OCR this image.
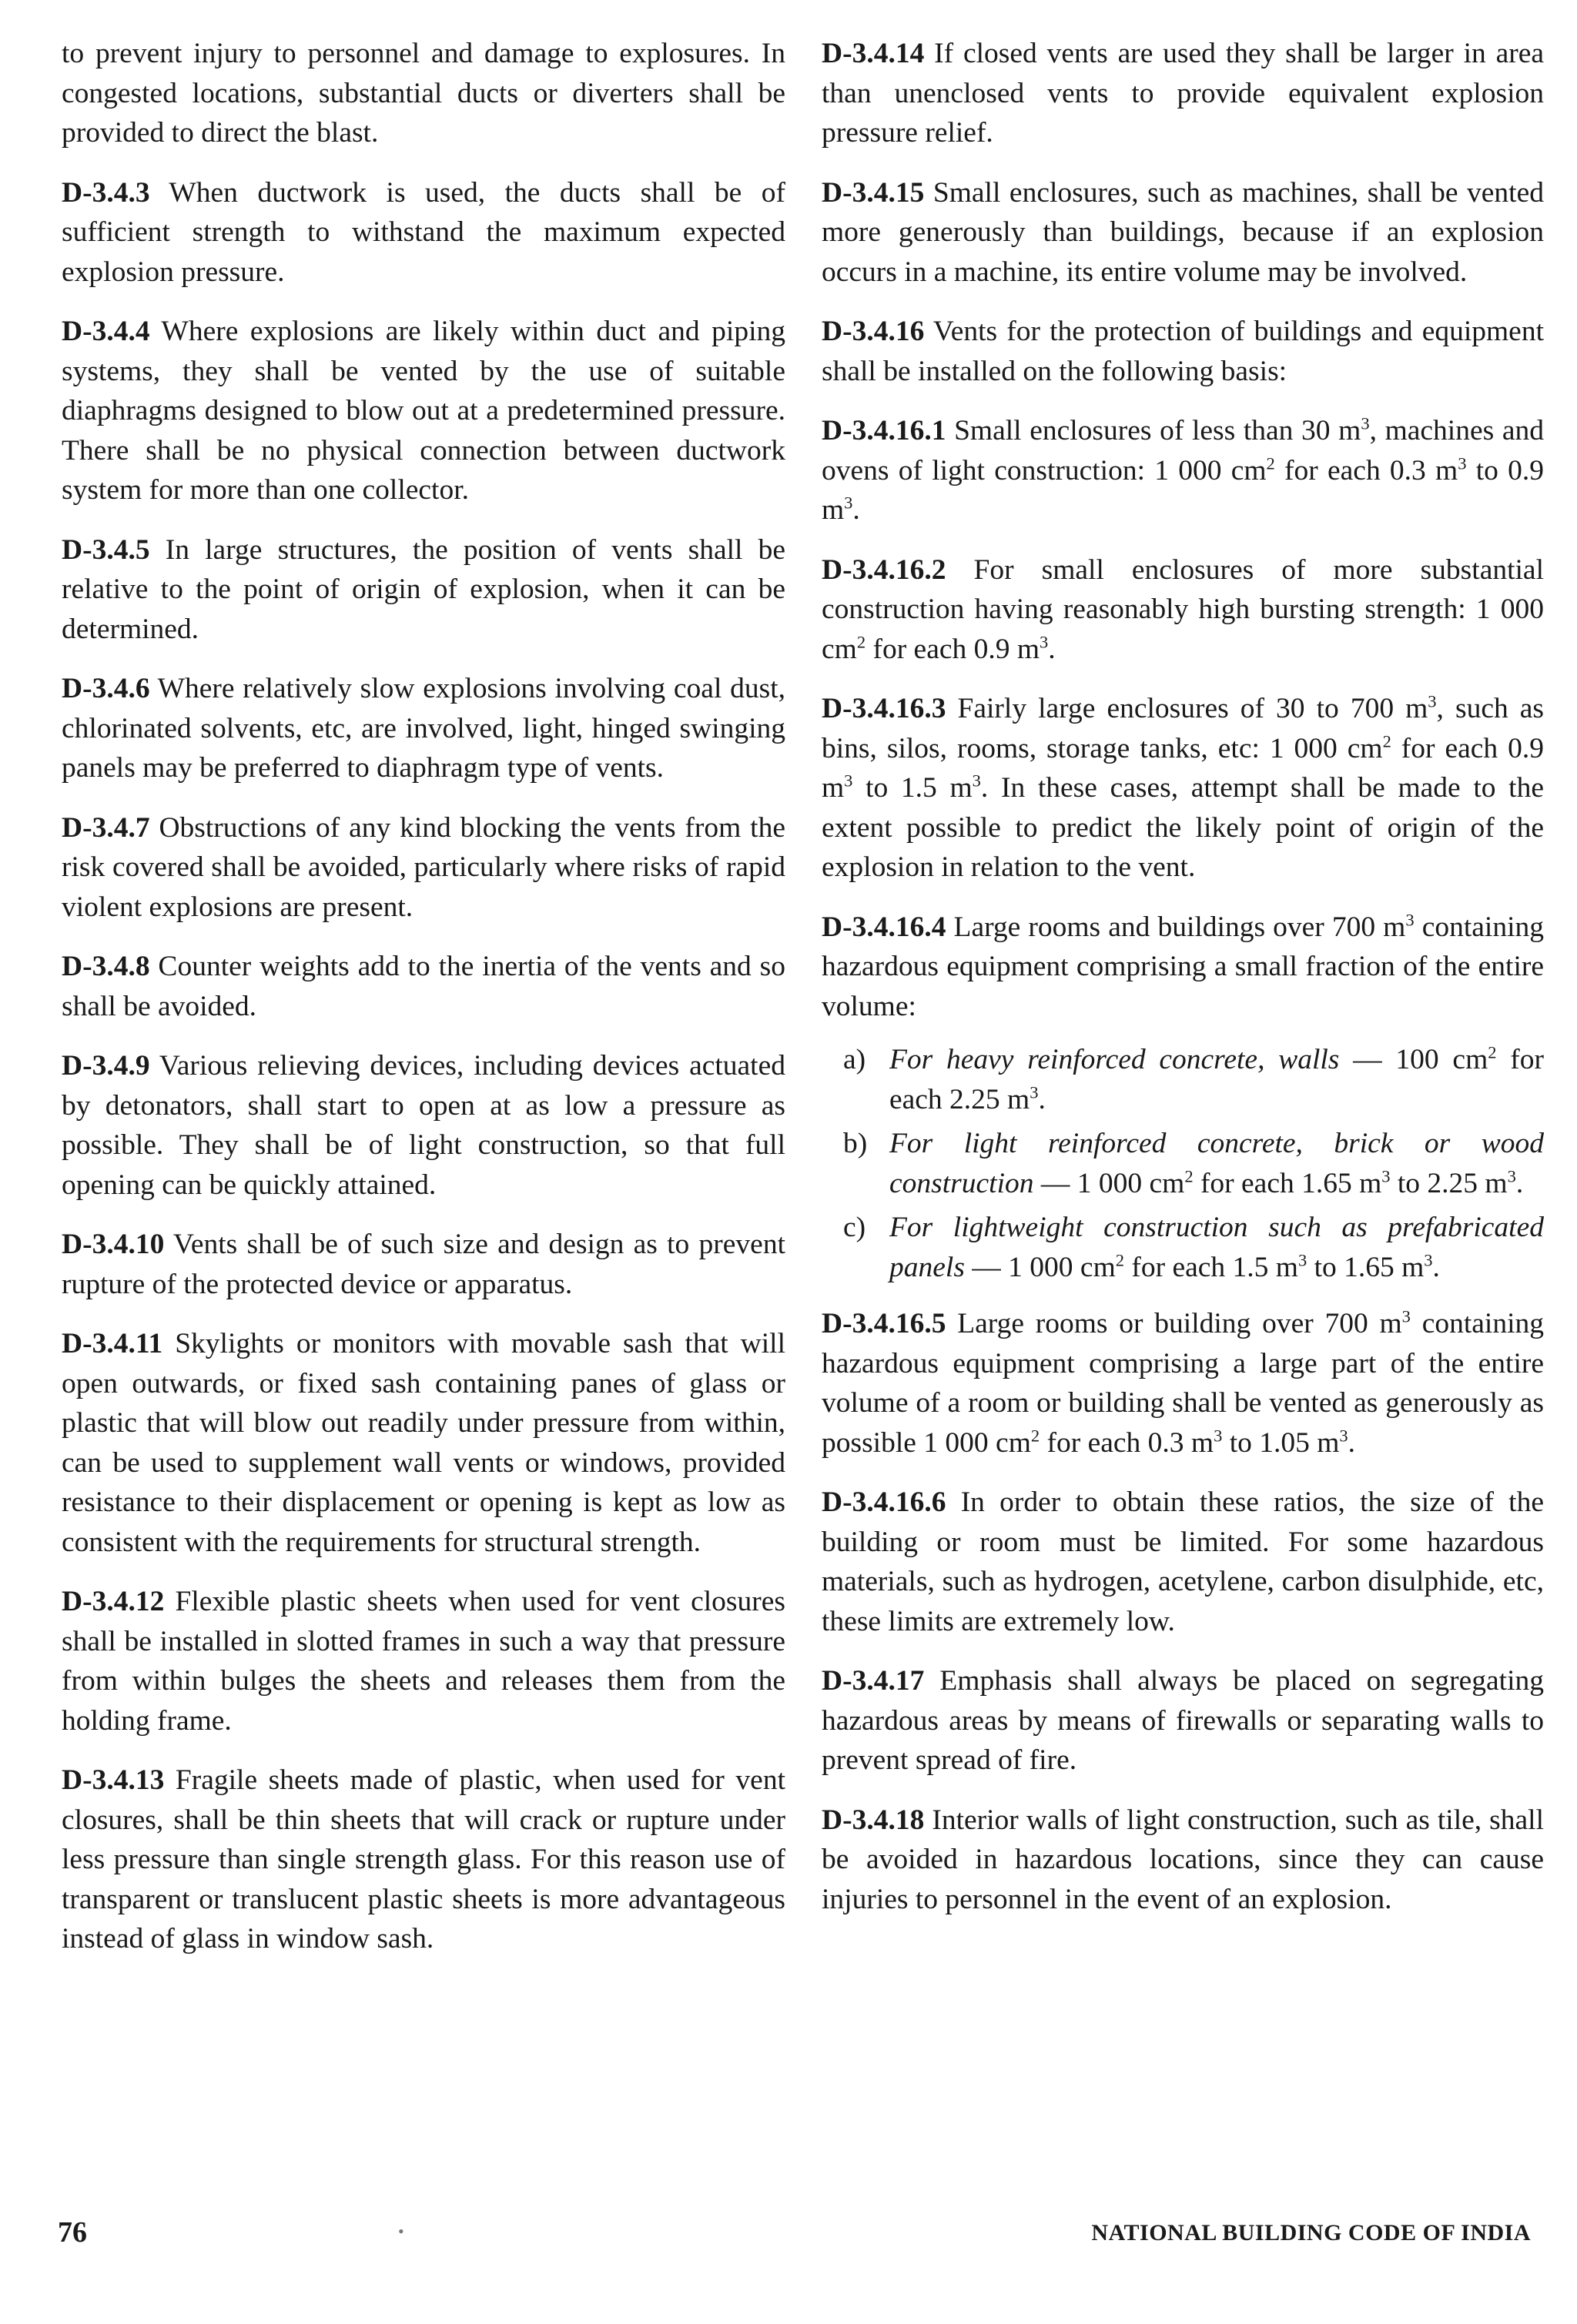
to prevent injury to personnel and damage to explosures. In congested locations, substantial ducts or diverters shall be provided to direct the blast.

D-3.4.3 When ductwork is used, the ducts shall be of sufficient strength to withstand the maximum expected explosion pressure.

D-3.4.4 Where explosions are likely within duct and piping systems, they shall be vented by the use of suitable diaphragms designed to blow out at a predetermined pressure. There shall be no physical connection between ductwork system for more than one collector.

D-3.4.5 In large structures, the position of vents shall be relative to the point of origin of explosion, when it can be determined.

D-3.4.6 Where relatively slow explosions involving coal dust, chlorinated solvents, etc, are involved, light, hinged swinging panels may be preferred to diaphragm type of vents.

D-3.4.7 Obstructions of any kind blocking the vents from the risk covered shall be avoided, particularly where risks of rapid violent explosions are present.

D-3.4.8 Counter weights add to the inertia of the vents and so shall be avoided.

D-3.4.9 Various relieving devices, including devices actuated by detonators, shall start to open at as low a pressure as possible. They shall be of light construction, so that full opening can be quickly attained.

D-3.4.10 Vents shall be of such size and design as to prevent rupture of the protected device or apparatus.

D-3.4.11 Skylights or monitors with movable sash that will open outwards, or fixed sash containing panes of glass or plastic that will blow out readily under pressure from within, can be used to supplement wall vents or windows, provided resistance to their displacement or opening is kept as low as consistent with the requirements for structural strength.

D-3.4.12 Flexible plastic sheets when used for vent closures shall be installed in slotted frames in such a way that pressure from within bulges the sheets and releases them from the holding frame.

D-3.4.13 Fragile sheets made of plastic, when used for vent closures, shall be thin sheets that will crack or rupture under less pressure than single strength glass. For this reason use of transparent or translucent plastic sheets is more advantageous instead of glass in window sash.

D-3.4.14 If closed vents are used they shall be larger in area than unenclosed vents to provide equivalent explosion pressure relief.

D-3.4.15 Small enclosures, such as machines, shall be vented more generously than buildings, because if an explosion occurs in a machine, its entire volume may be involved.

D-3.4.16 Vents for the protection of buildings and equipment shall be installed on the following basis:

D-3.4.16.1 Small enclosures of less than 30 $m^3$, machines and ovens of light construction: 1 000 $cm^2$ for each 0.3 $m^3$ to 0.9 $m^3$.

D-3.4.16.2 For small enclosures of more substantial construction having reasonably high bursting strength: 1 000 $cm^2$ for each 0.9 $m^3$.

D-3.4.16.3 Fairly large enclosures of 30 to 700 $m^3$, such as bins, silos, rooms, storage tanks, etc: 1 000 $cm^2$ for each 0.9 $m^3$ to 1.5 $m^3$. In these cases, attempt shall be made to the extent possible to predict the likely point of origin of the explosion in relation to the vent.

D-3.4.16.4 Large rooms and buildings over 700 $m^3$ containing hazardous equipment comprising a small fraction of the entire volume:

a) For heavy reinforced concrete, walls — 100 $cm^2$ for each 2.25 $m^3$.
b) For light reinforced concrete, brick or wood construction — 1 000 $cm^2$ for each 1.65 $m^3$ to 2.25 $m^3$.
c) For lightweight construction such as prefabricated panels — 1 000 $cm^2$ for each 1.5 $m^3$ to 1.65 $m^3$.

D-3.4.16.5 Large rooms or building over 700 $m^3$ containing hazardous equipment comprising a large part of the entire volume of a room or building shall be vented as generously as possible 1 000 $cm^2$ for each 0.3 $m^3$ to 1.05 $m^3$.

D-3.4.16.6 In order to obtain these ratios, the size of the building or room must be limited. For some hazardous materials, such as hydrogen, acetylene, carbon disulphide, etc, these limits are extremely low.

D-3.4.17 Emphasis shall always be placed on segregating hazardous areas by means of firewalls or separating walls to prevent spread of fire.

D-3.4.18 Interior walls of light construction, such as tile, shall be avoided in hazardous locations, since they can cause injuries to personnel in the event of an explosion.

76	•	NATIONAL BUILDING CODE OF INDIA
